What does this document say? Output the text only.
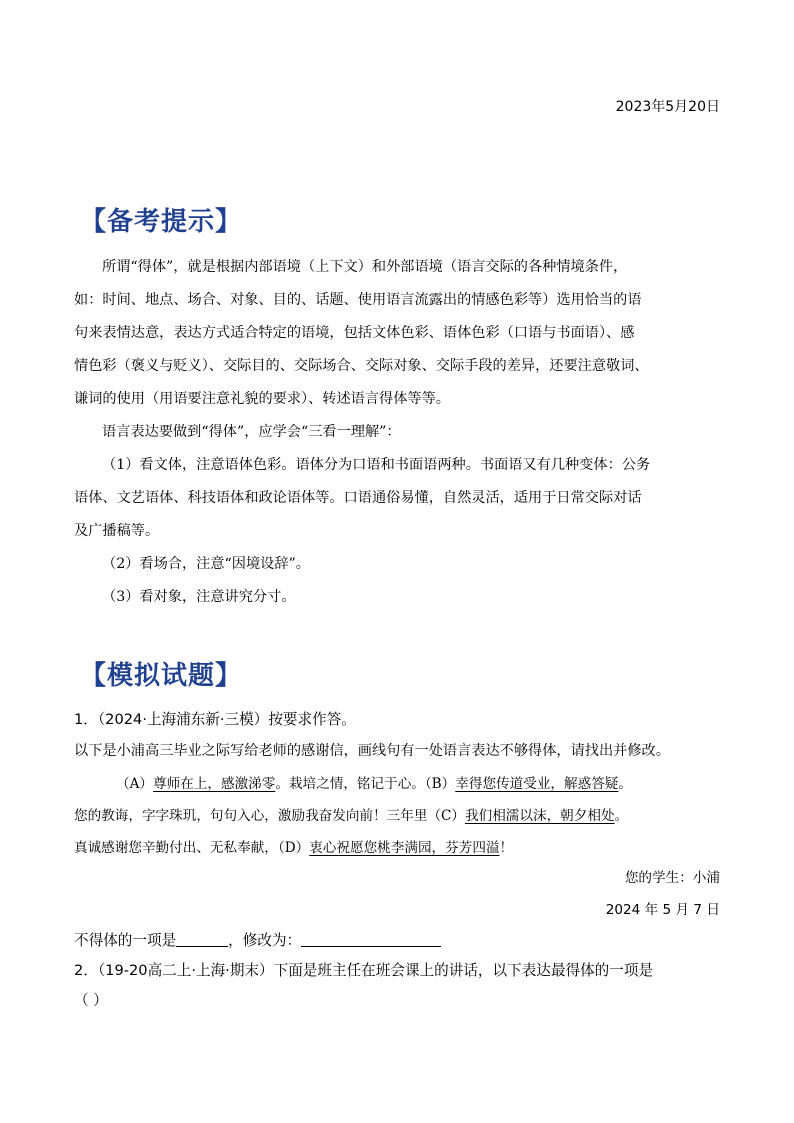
2023年5月20日
【备考提示】
所谓“得体”，就是根据内部语境（上下文）和外部语境（语言交际的各种情境条件，
如：时间、地点、场合、对象、目的、话题、使用语言流露出的情感色彩等）选用恰当的语
句来表情达意，表达方式适合特定的语境，包括文体色彩、语体色彩（口语与书面语）、感
情色彩（褒义与贬义）、交际目的、交际场合、交际对象、交际手段的差异，还要注意敬词、
谦词的使用（用语要注意礼貌的要求）、转述语言得体等等。
语言表达要做到“得体”，应学会“三看一理解”：
（1）看文体，注意语体色彩。语体分为口语和书面语两种。书面语又有几种变体：公务
语体、文艺语体、科技语体和政论语体等。口语通俗易懂，自然灵活，适用于日常交际对话
及广播稿等。
（2）看场合，注意“因境设辞”。
（3）看对象，注意讲究分寸。
【模拟试题】
1．（2024·上海浦东新·三模）按要求作答。
以下是小浦高三毕业之际写给老师的感谢信，画线句有一处语言表达不够得体，请找出并修改。
（A）尊师在上，感激涕零。栽培之情，铭记于心。（B）幸得您传道受业，解惑答疑。
您的教诲，字字珠玑，句句入心，激励我奋发向前！三年里（C）我们相濡以沫，朝夕相处。
真诚感谢您辛勤付出、无私奉献，（D）衷心祝愿您桃李满园，芬芳四溢！
您的学生：小浦
2024 年 5 月 7 日
不得体的一项是	，修改为：
2．（19-20高二上·上海·期末）下面是班主任在班会课上的讲话，以下表达最得体的一项是
（ ）
